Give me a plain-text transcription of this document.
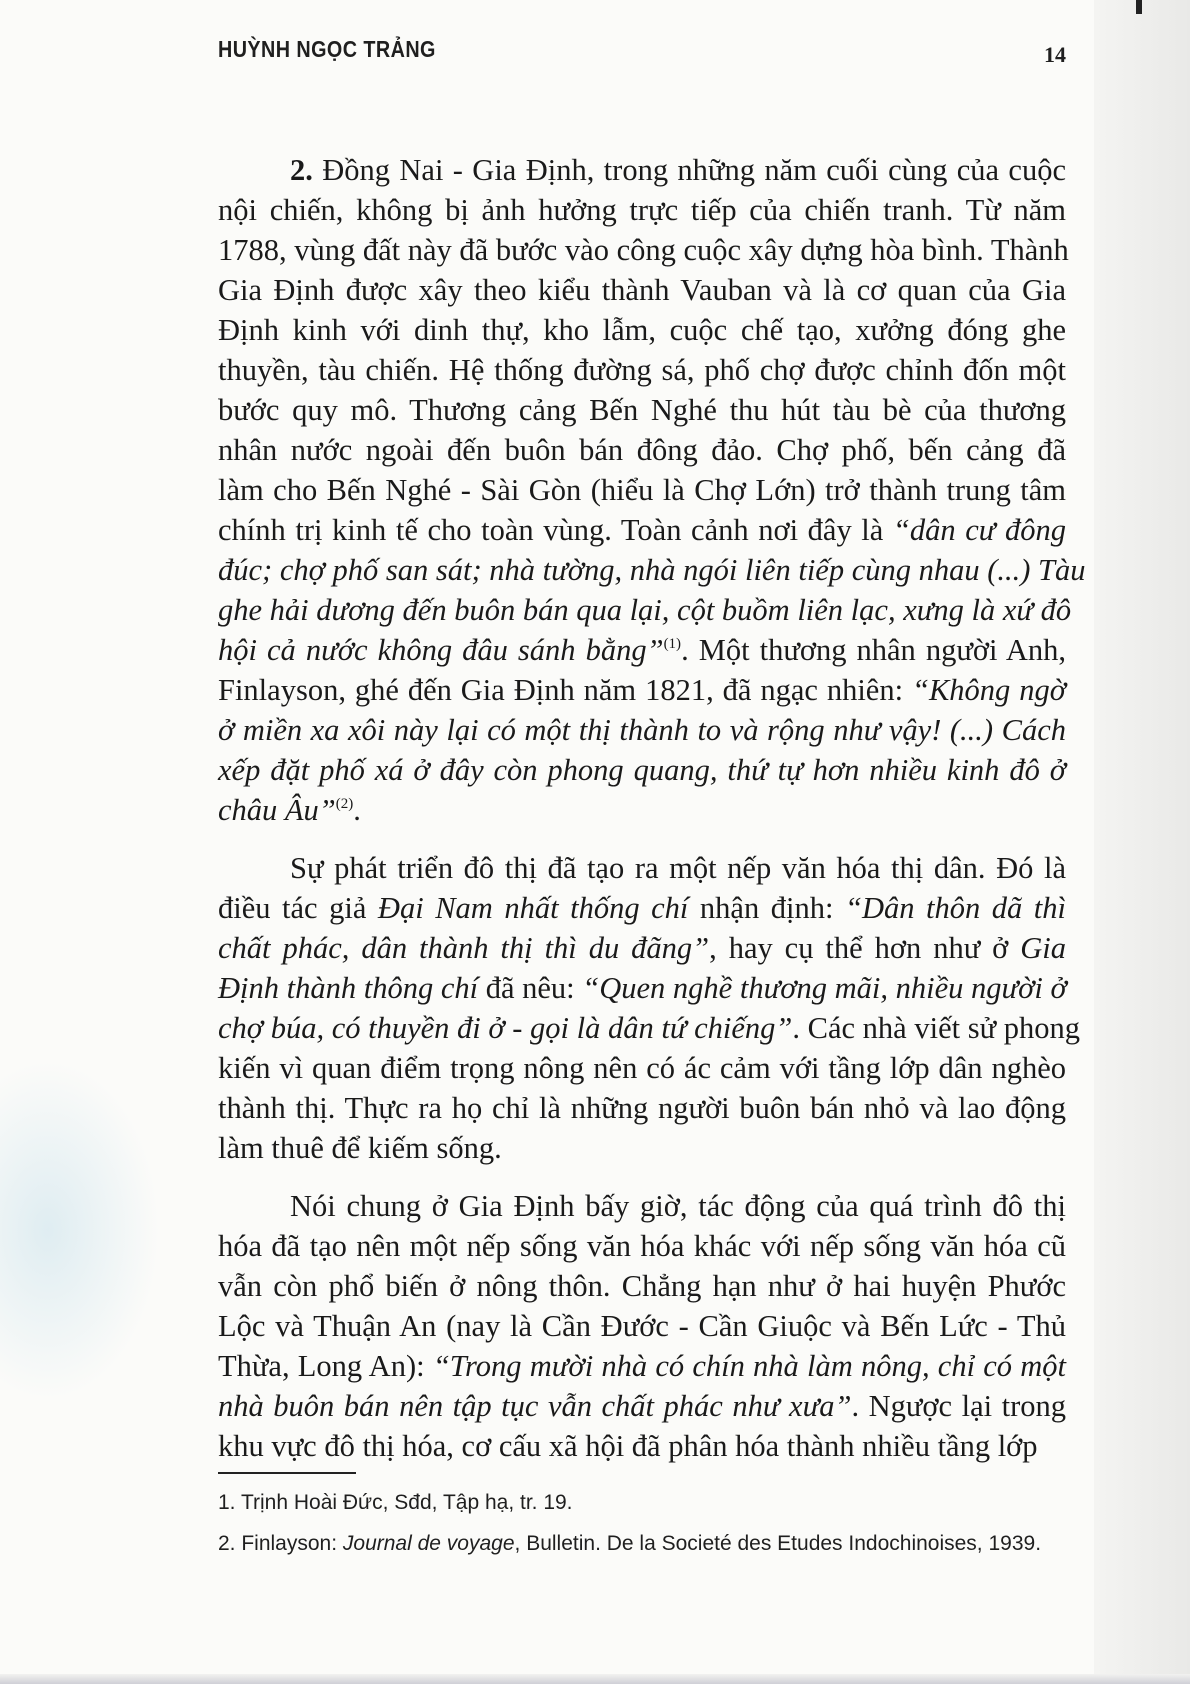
HUỲNH NGỌC TRẢNG	14
2. Đồng Nai - Gia Định, trong những năm cuối cùng của cuộc
nội chiến, không bị ảnh hưởng trực tiếp của chiến tranh. Từ năm
1788, vùng đất này đã bước vào công cuộc xây dựng hòa bình. Thành
Gia Định được xây theo kiểu thành Vauban và là cơ quan của Gia
Định kinh với dinh thự, kho lẫm, cuộc chế tạo, xưởng đóng ghe
thuyền, tàu chiến. Hệ thống đường sá, phố chợ được chỉnh đốn một
bước quy mô. Thương cảng Bến Nghé thu hút tàu bè của thương
nhân nước ngoài đến buôn bán đông đảo. Chợ phố, bến cảng đã
làm cho Bến Nghé - Sài Gòn (hiểu là Chợ Lớn) trở thành trung tâm
chính trị kinh tế cho toàn vùng. Toàn cảnh nơi đây là “dân cư đông
đúc; chợ phố san sát; nhà tường, nhà ngói liên tiếp cùng nhau (...) Tàu
ghe hải dương đến buôn bán qua lại, cột buồm liên lạc, xưng là xứ đô
hội cả nước không đâu sánh bằng”$^{(1)}$. Một thương nhân người Anh,
Finlayson, ghé đến Gia Định năm 1821, đã ngạc nhiên: “Không ngờ
ở miền xa xôi này lại có một thị thành to và rộng như vậy! (...) Cách
xếp đặt phố xá ở đây còn phong quang, thứ tự hơn nhiều kinh đô ở
châu Âu”$^{(2)}$.
Sự phát triển đô thị đã tạo ra một nếp văn hóa thị dân. Đó là
điều tác giả Đại Nam nhất thống chí nhận định: “Dân thôn dã thì
chất phác, dân thành thị thì du đãng”, hay cụ thể hơn như ở Gia
Định thành thông chí đã nêu: “Quen nghề thương mãi, nhiều người ở
chợ búa, có thuyền đi ở - gọi là dân tứ chiếng”. Các nhà viết sử phong
kiến vì quan điểm trọng nông nên có ác cảm với tầng lớp dân nghèo
thành thị. Thực ra họ chỉ là những người buôn bán nhỏ và lao động
làm thuê để kiếm sống.
Nói chung ở Gia Định bấy giờ, tác động của quá trình đô thị
hóa đã tạo nên một nếp sống văn hóa khác với nếp sống văn hóa cũ
vẫn còn phổ biến ở nông thôn. Chẳng hạn như ở hai huyện Phước
Lộc và Thuận An (nay là Cần Đước - Cần Giuộc và Bến Lức - Thủ
Thừa, Long An): “Trong mười nhà có chín nhà làm nông, chỉ có một
nhà buôn bán nên tập tục vẫn chất phác như xưa”. Ngược lại trong
khu vực đô thị hóa, cơ cấu xã hội đã phân hóa thành nhiều tầng lớp
1. Trịnh Hoài Đức, Sđd, Tập hạ, tr. 19.
2. Finlayson: Journal de voyage, Bulletin. De la Societé des Etudes Indochinoises, 1939.
